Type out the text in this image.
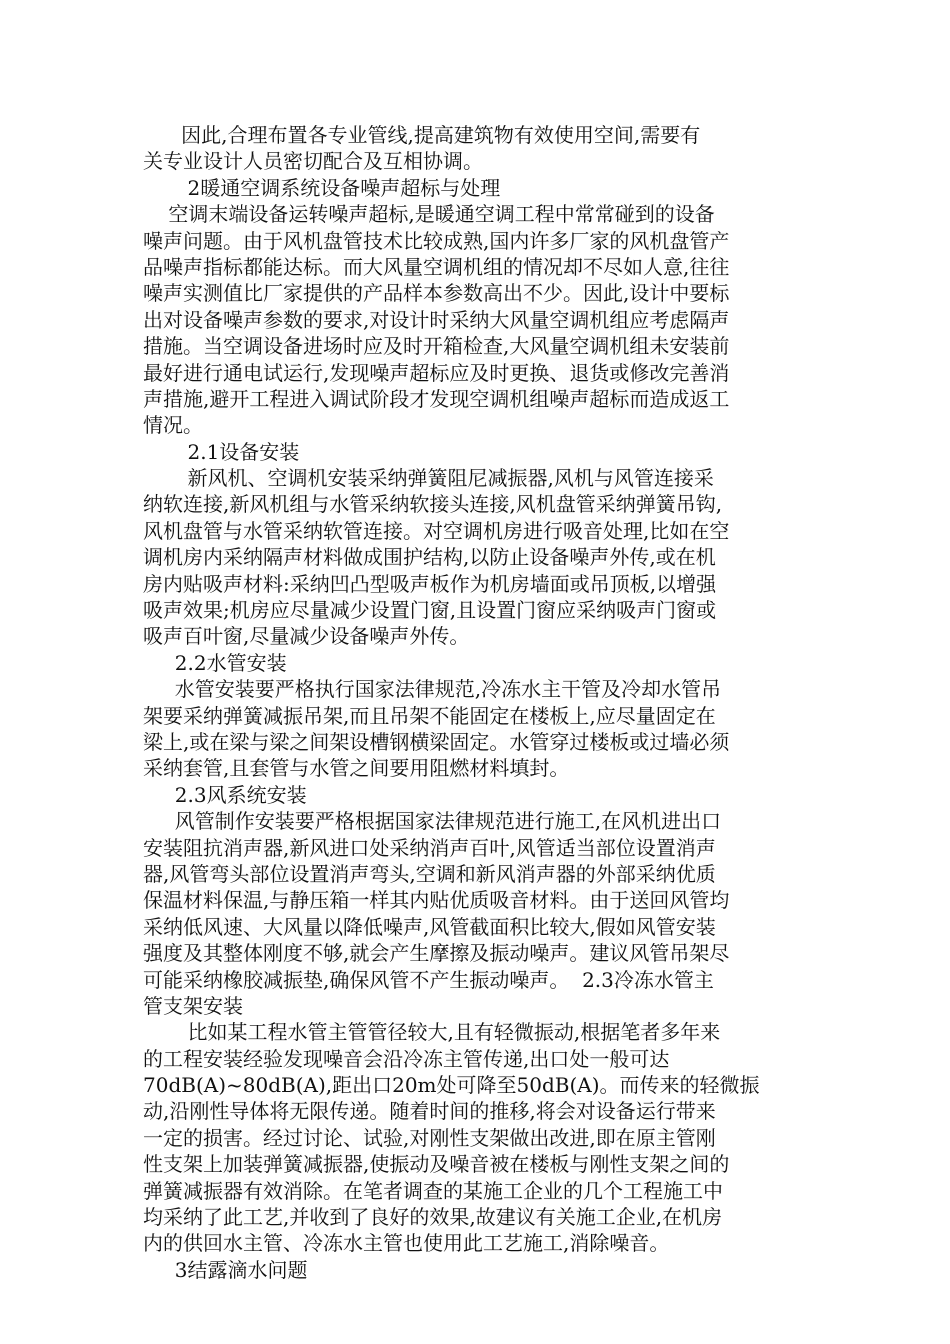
因此,合理布置各专业管线,提高建筑物有效使用空间,需要有
关专业设计人员密切配合及互相协调。
2暖通空调系统设备噪声超标与处理
空调末端设备运转噪声超标,是暖通空调工程中常常碰到的设备
噪声问题。由于风机盘管技术比较成熟,国内许多厂家的风机盘管产
品噪声指标都能达标。而大风量空调机组的情况却不尽如人意,往往
噪声实测值比厂家提供的产品样本参数高出不少。因此,设计中要标
出对设备噪声参数的要求,对设计时采纳大风量空调机组应考虑隔声
措施。当空调设备进场时应及时开箱检查,大风量空调机组未安装前
最好进行通电试运行,发现噪声超标应及时更换、退货或修改完善消
声措施,避开工程进入调试阶段才发现空调机组噪声超标而造成返工
情况。
2.1设备安装
新风机、空调机安装采纳弹簧阻尼减振器,风机与风管连接采
纳软连接,新风机组与水管采纳软接头连接,风机盘管采纳弹簧吊钩,
风机盘管与水管采纳软管连接。对空调机房进行吸音处理,比如在空
调机房内采纳隔声材料做成围护结构,以防止设备噪声外传,或在机
房内贴吸声材料:采纳凹凸型吸声板作为机房墙面或吊顶板,以增强
吸声效果;机房应尽量减少设置门窗,且设置门窗应采纳吸声门窗或
吸声百叶窗,尽量减少设备噪声外传。
2.2水管安装
水管安装要严格执行国家法律规范,冷冻水主干管及冷却水管吊
架要采纳弹簧减振吊架,而且吊架不能固定在楼板上,应尽量固定在
梁上,或在梁与梁之间架设槽钢横梁固定。水管穿过楼板或过墙必须
采纳套管,且套管与水管之间要用阻燃材料填封。
2.3风系统安装
风管制作安装要严格根据国家法律规范进行施工,在风机进出口
安装阻抗消声器,新风进口处采纳消声百叶,风管适当部位设置消声
器,风管弯头部位设置消声弯头,空调和新风消声器的外部采纳优质
保温材料保温,与静压箱一样其内贴优质吸音材料。由于送回风管均
采纳低风速、大风量以降低噪声,风管截面积比较大,假如风管安装
强度及其整体刚度不够,就会产生摩擦及振动噪声。建议风管吊架尽
可能采纳橡胶减振垫,确保风管不产生振动噪声。  2.3冷冻水管主
管支架安装
比如某工程水管主管管径较大,且有轻微振动,根据笔者多年来
的工程安装经验发现噪音会沿冷冻主管传递,出口处一般可达
70dB(A)~80dB(A),距出口20m处可降至50dB(A)。而传来的轻微振
动,沿刚性导体将无限传递。随着时间的推移,将会对设备运行带来
一定的损害。经过讨论、试验,对刚性支架做出改进,即在原主管刚
性支架上加装弹簧减振器,使振动及噪音被在楼板与刚性支架之间的
弹簧减振器有效消除。在笔者调查的某施工企业的几个工程施工中
均采纳了此工艺,并收到了良好的效果,故建议有关施工企业,在机房
内的供回水主管、冷冻水主管也使用此工艺施工,消除噪音。
3结露滴水问题
